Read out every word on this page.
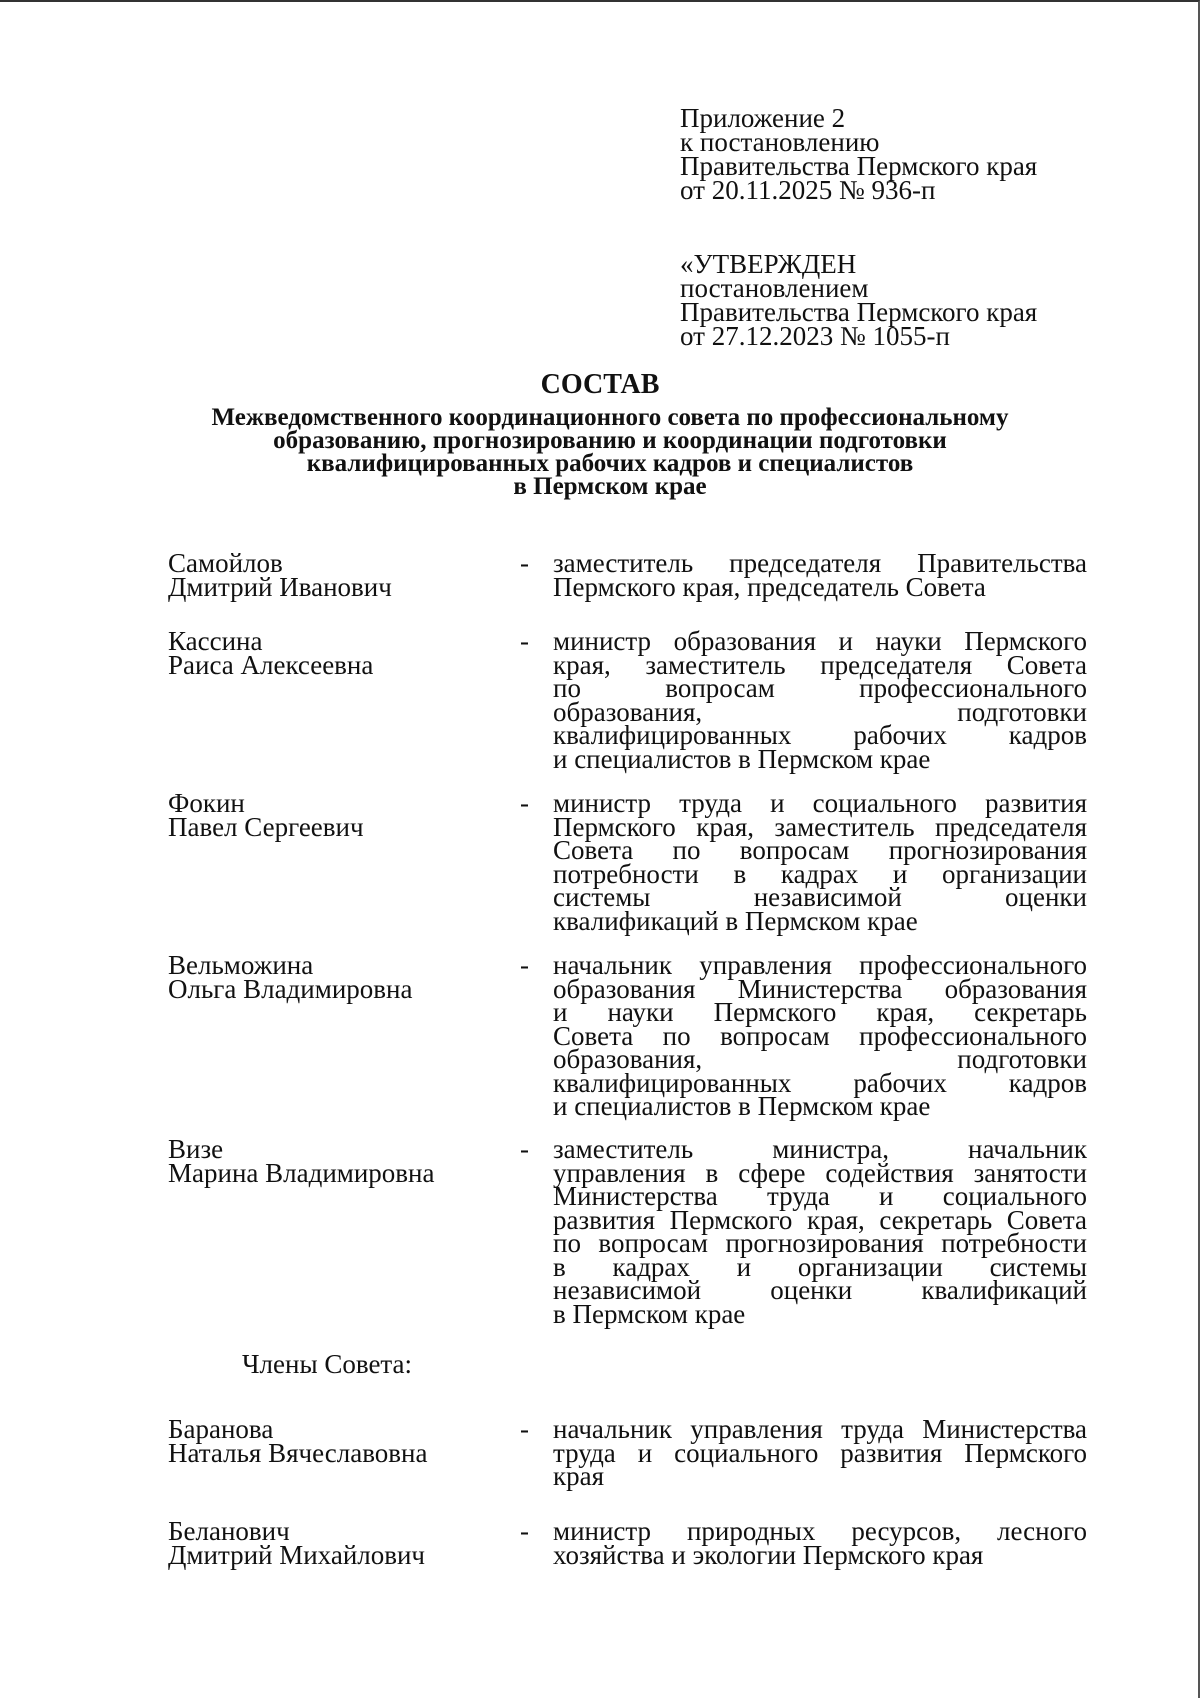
Приложение 2
к постановлению
Правительства Пермского края
от 20.11.2025 № 936-п
«УТВЕРЖДЕН
постановлением
Правительства Пермского края
от 27.12.2023 № 1055-п
СОСТАВ
Межведомственного координационного совета по профессиональному
образованию, прогнозированию и координации подготовки
квалифицированных рабочих кадров и специалистов
в Пермском крае
Самойлов
Дмитрий Иванович
- заместитель председателя Правительства
Пермского края, председатель Совета
Кассина
Раиса Алексеевна
- министр образования и науки Пермского
края, заместитель председателя Совета
по вопросам профессионального
образования, подготовки
квалифицированных рабочих кадров
и специалистов в Пермском крае
Фокин
Павел Сергеевич
- министр труда и социального развития
Пермского края, заместитель председателя
Совета по вопросам прогнозирования
потребности в кадрах и организации
системы независимой оценки
квалификаций в Пермском крае
Вельможина
Ольга Владимировна
- начальник управления профессионального
образования Министерства образования
и науки Пермского края, секретарь
Совета по вопросам профессионального
образования, подготовки
квалифицированных рабочих кадров
и специалистов в Пермском крае
Визе
Марина Владимировна
- заместитель министра, начальник
управления в сфере содействия занятости
Министерства труда и социального
развития Пермского края, секретарь Совета
по вопросам прогнозирования потребности
в кадрах и организации системы
независимой оценки квалификаций
в Пермском крае
Члены Совета:
Баранова
Наталья Вячеславовна
- начальник управления труда Министерства
труда и социального развития Пермского
края
Беланович
Дмитрий Михайлович
- министр природных ресурсов, лесного
хозяйства и экологии Пермского края
